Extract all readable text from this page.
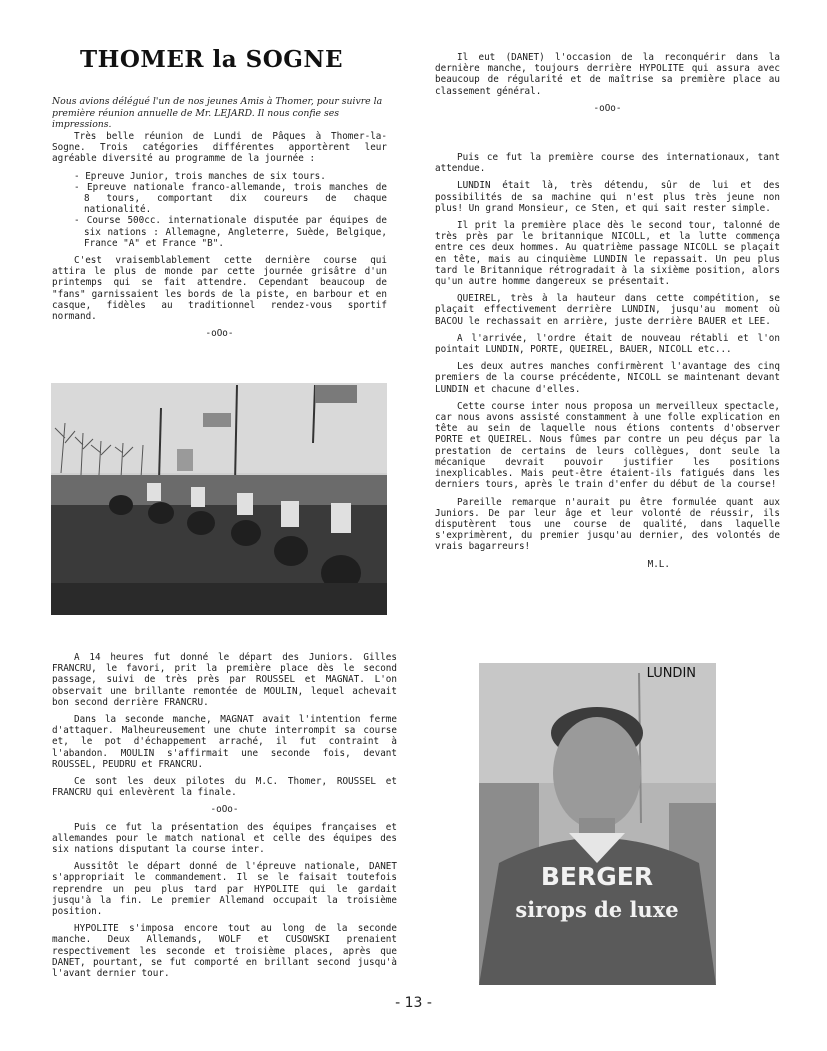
THOMER la SOGNE
Nous avions délégué l'un de nos jeunes Amis à Thomer, pour suivre la première réunion annuelle de Mr. LEJARD. Il nous confie ses impressions.

Très belle réunion de Lundi de Pâques à Thomer-la-Sogne. Trois catégories différentes apportèrent leur agréable diversité au programme de la journée :

- Epreuve Junior, trois manches de six tours.
- Epreuve nationale franco-allemande, trois manches de 8 tours, comportant dix coureurs de chaque nationalité.
- Course 500cc. internationale disputée par équipes de six nations : Allemagne, Angleterre, Suède, Belgique, France "A" et France "B".

C'est vraisemblablement cette dernière course qui attira le plus de monde par cette journée grisâtre d'un printemps qui se fait attendre. Cependant beaucoup de "fans" garnissaient les bords de la piste, en barbour et en casque, fidèles au traditionnel rendez-vous sportif normand.

-oOo-

Il eut (DANET) l'occasion de la reconquérir dans la dernière manche, toujours derrière HYPOLITE qui assura avec beaucoup de régularité et de maîtrise sa première place au classement général.

-oOo-

Puis ce fut la première course des internationaux, tant attendue.

LUNDIN était là, très détendu, sûr de lui et des possibilités de sa machine qui n'est plus très jeune non plus! Un grand Monsieur, ce Sten, et qui sait rester simple.

Il prit la première place dès le second tour, talonné de très près par le britannique NICOLL, et la lutte commença entre ces deux hommes. Au quatrième passage NICOLL se plaçait en tête, mais au cinquième LUNDIN le repassait. Un peu plus tard le Britannique rétrogradait à la sixième position, alors qu'un autre homme dangereux se présentait.

QUEIREL, très à la hauteur dans cette compétition, se plaçait effectivement derrière LUNDIN, jusqu'au moment où BACOU le rechassait en arrière, juste derrière BAUER et LEE.

A l'arrivée, l'ordre était de nouveau rétabli et l'on pointait LUNDIN, PORTE, QUEIREL, BAUER, NICOLL etc...

Les deux autres manches confirmèrent l'avantage des cinq premiers de la course précédente, NICOLL se maintenant devant LUNDIN et chacune d'elles.

Cette course inter nous proposa un merveilleux spectacle, car nous avons assisté constamment à une folle explication en tête au sein de laquelle nous étions contents d'observer PORTE et QUEIREL. Nous fûmes par contre un peu déçus par la prestation de certains de leurs collègues, dont seule la mécanique devrait pouvoir justifier les positions inexplicables. Mais peut-être étaient-ils fatigués dans les derniers tours, après le train d'enfer du début de la course!

Pareille remarque n'aurait pu être formulée quant aux Juniors. De par leur âge et leur volonté de réussir, ils disputèrent tous une course de qualité, dans laquelle s'exprimèrent, du premier jusqu'au dernier, des volontés de vrais bagarreurs!

M.L.

A 14 heures fut donné le départ des Juniors. Gilles FRANCRU, le favori, prit la première place dès le second passage, suivi de très près par ROUSSEL et MAGNAT. L'on observait une brillante remontée de MOULIN, lequel achevait bon second derrière FRANCRU.

Dans la seconde manche, MAGNAT avait l'intention ferme d'attaquer. Malheureusement une chute interrompit sa course et, le pot d'échappement arraché, il fut contraint à l'abandon. MOULIN s'affirmait une seconde fois, devant ROUSSEL, PEUDRU et FRANCRU.

Ce sont les deux pilotes du M.C. Thomer, ROUSSEL et FRANCRU qui enlevèrent la finale.

-oOo-

Puis ce fut la présentation des équipes françaises et allemandes pour le match national et celle des équipes des six nations disputant la course inter.

Aussitôt le départ donné de l'épreuve nationale, DANET s'appropriait le commandement. Il se le faisait toutefois reprendre un peu plus tard par HYPOLITE qui le gardait jusqu'à la fin. Le premier Allemand occupait la troisième position.

HYPOLITE s'imposa encore tout au long de la seconde manche. Deux Allemands, WOLF et CUSOWSKI prenaient respectivement les seconde et troisième places, après que DANET, pourtant, se fut comporté en brillant second jusqu'à l'avant dernier tour.

BERGER
sirops de luxe
LUNDIN
- 13 -
